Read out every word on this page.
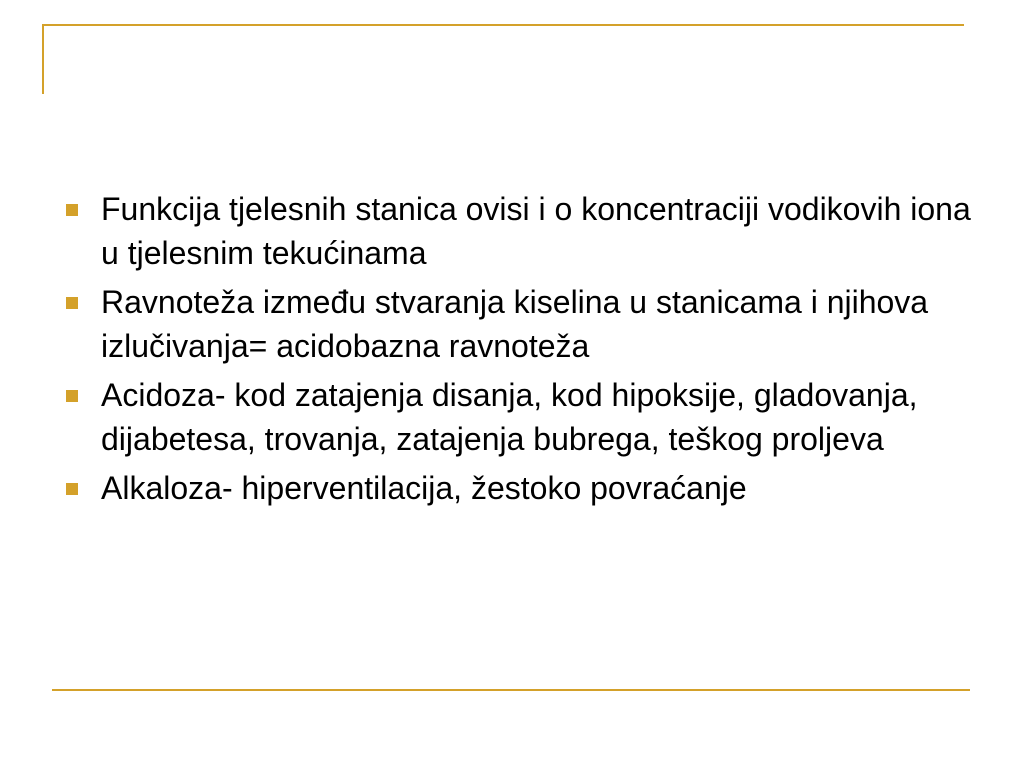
Funkcija tjelesnih stanica ovisi i o koncentraciji vodikovih iona u tjelesnim tekućinama
Ravnoteža između stvaranja kiselina u stanicama i njihova izlučivanja= acidobazna ravnoteža
Acidoza- kod zatajenja disanja, kod hipoksije, gladovanja, dijabetesa, trovanja, zatajenja bubrega, teškog proljeva
Alkaloza- hiperventilacija, žestoko povraćanje
